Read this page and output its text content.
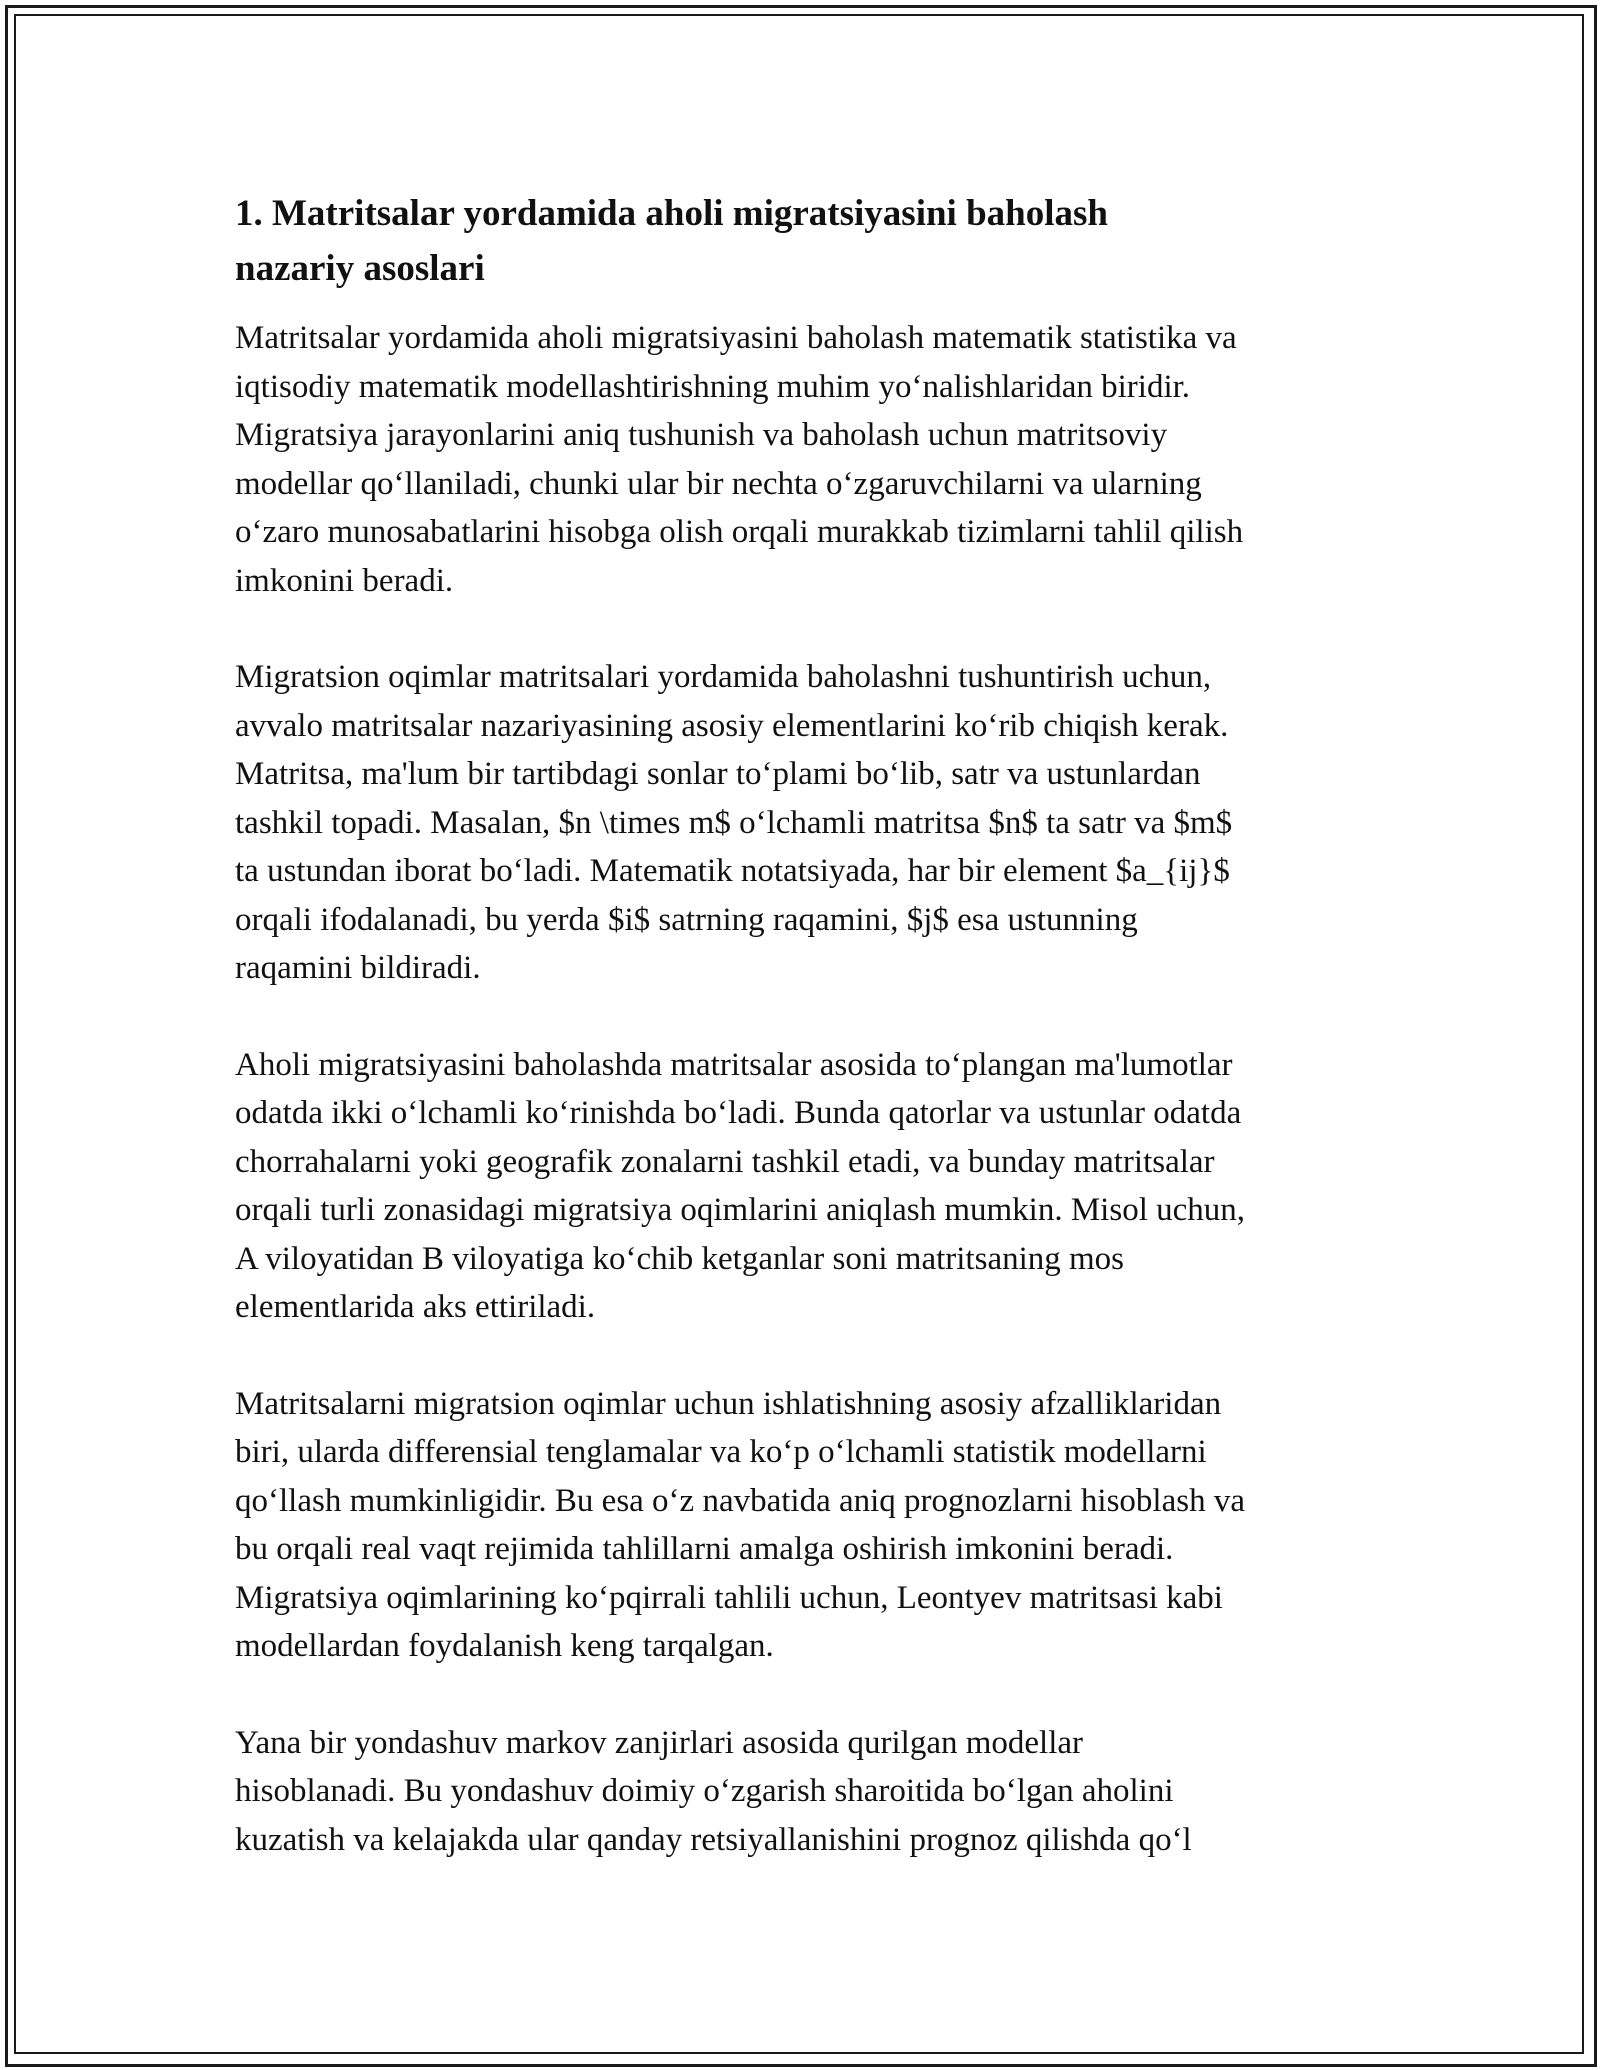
1. Matritsalar yordamida aholi migratsiyasini baholash
nazariy asoslari

Matritsalar yordamida aholi migratsiyasini baholash matematik statistika va
iqtisodiy matematik modellashtirishning muhim yo‘nalishlaridan biridir.
Migratsiya jarayonlarini aniq tushunish va baholash uchun matritsoviy
modellar qo‘llaniladi, chunki ular bir nechta o‘zgaruvchilarni va ularning
o‘zaro munosabatlarini hisobga olish orqali murakkab tizimlarni tahlil qilish
imkonini beradi.

Migratsion oqimlar matritsalari yordamida baholashni tushuntirish uchun,
avvalo matritsalar nazariyasining asosiy elementlarini ko‘rib chiqish kerak.
Matritsa, ma'lum bir tartibdagi sonlar to‘plami bo‘lib, satr va ustunlardan
tashkil topadi. Masalan, $n \times m$ o‘lchamli matritsa $n$ ta satr va $m$
ta ustundan iborat bo‘ladi. Matematik notatsiyada, har bir element $a_{ij}$
orqali ifodalanadi, bu yerda $i$ satrning raqamini, $j$ esa ustunning
raqamini bildiradi.

Aholi migratsiyasini baholashda matritsalar asosida to‘plangan ma'lumotlar
odatda ikki o‘lchamli ko‘rinishda bo‘ladi. Bunda qatorlar va ustunlar odatda
chorrahalarni yoki geografik zonalarni tashkil etadi, va bunday matritsalar
orqali turli zonasidagi migratsiya oqimlarini aniqlash mumkin. Misol uchun,
A viloyatidan B viloyatiga ko‘chib ketganlar soni matritsaning mos
elementlarida aks ettiriladi.

Matritsalarni migratsion oqimlar uchun ishlatishning asosiy afzalliklaridan
biri, ularda differensial tenglamalar va ko‘p o‘lchamli statistik modellarni
qo‘llash mumkinligidir. Bu esa o‘z navbatida aniq prognozlarni hisoblash va
bu orqali real vaqt rejimida tahlillarni amalga oshirish imkonini beradi.
Migratsiya oqimlarining ko‘pqirrali tahlili uchun, Leontyev matritsasi kabi
modellardan foydalanish keng tarqalgan.

Yana bir yondashuv markov zanjirlari asosida qurilgan modellar
hisoblanadi. Bu yondashuv doimiy o‘zgarish sharoitida bo‘lgan aholini
kuzatish va kelajakda ular qanday retsiyallanishini prognoz qilishda qo‘l
